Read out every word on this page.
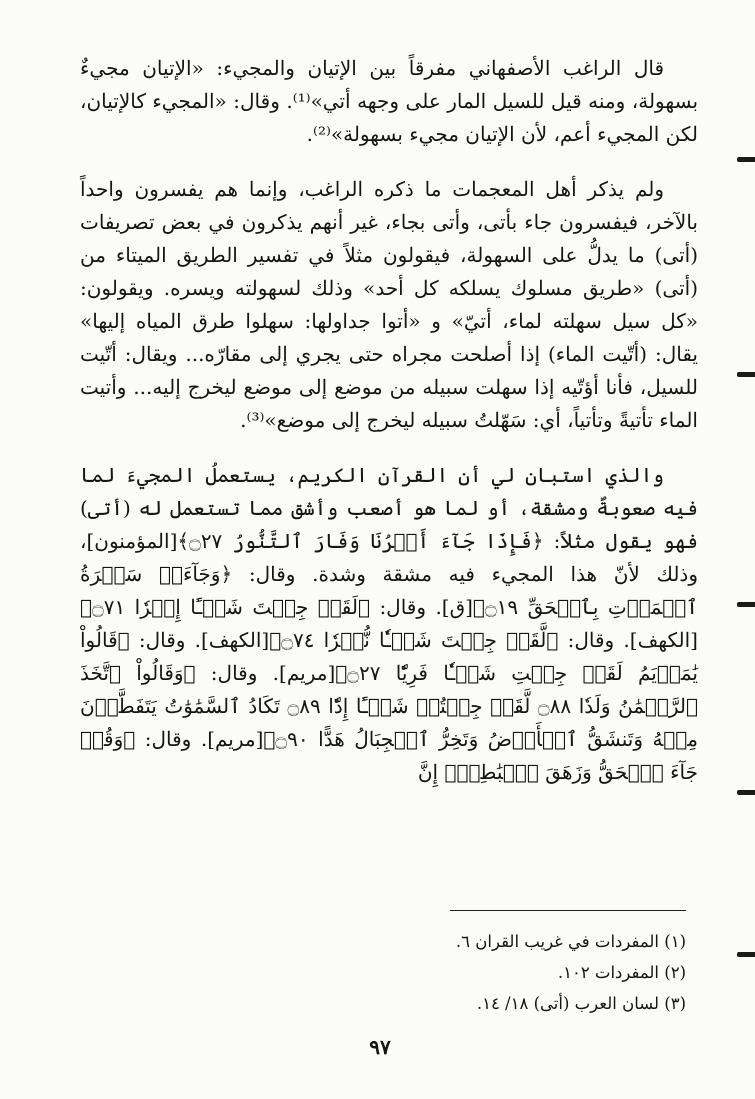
قال الراغب الأصفهاني مفرقاً بين الإتيان والمجيء: «الإتيان مجيءٌ بسهولة، ومنه قيل للسيل المار على وجهه أتي»⁽¹⁾. وقال: «المجيء كالإتيان، لكن المجيء أعم، لأن الإتيان مجيء بسهولة»⁽²⁾.

ولم يذكر أهل المعجمات ما ذكره الراغب، وإنما هم يفسرون واحداً بالآخر، فيفسرون جاء بأتى، وأتى بجاء، غير أنهم يذكرون في بعض تصريفات (أتى) ما يدلُّ على السهولة، فيقولون مثلاً في تفسير الطريق الميتاء من (أتى) «طريق مسلوك يسلكه كل أحد» وذلك لسهولته ويسره. ويقولون: «كل سيل سهلته لماء، أتيّ» و «أتوا جداولها: سهلوا طرق المياه إليها» يقال: (أتّيت الماء) إذا أصلحت مجراه حتى يجري إلى مقارّه... ويقال: أتّيت للسيل، فأنا أؤتّيه إذا سهلت سبيله من موضع إلى موضع ليخرج إليه... وأتيت الماء تأتيةً وتأتياً، أي: سَهّلتُ سبيله ليخرج إلى موضع»⁽³⁾.

والذي استبان لي أن القرآن الكريم، يستعملُ المجيءَ لما فيه صعوبةٌ ومشقة، أو لما هو أصعب وأشق مما تستعمل له (أتى) فهو يقول مثلاً: ﴿فَإِذَا جَآءَ أَمۡرُنَا وَفَارَ ٱلتَّنُّورُ ۝٢٧﴾[المؤمنون]، وذلك لأنّ هذا المجيء فيه مشقة وشدة. وقال: ﴿وَجَآءَتۡ سَكۡرَةُ ٱلۡمَوۡتِ بِٱلۡحَقِّ ۝١٩﴾[ق]. وقال: ﴿لَقَدۡ جِئۡتَ شَيۡـًٔا إِمۡرٗا ۝٧١﴾[الكهف]. وقال: ﴿لَّقَدۡ جِئۡتَ شَيۡـٔٗا نُّكۡرٗا ۝٧٤﴾[الكهف]. وقال: ﴿قَالُواْ يَٰمَرۡيَمُ لَقَدۡ جِئۡتِ شَيۡـٔٗا فَرِيّٗا ۝٢٧﴾[مريم]. وقال: ﴿وَقَالُواْ ٱتَّخَذَ ٱلرَّحۡمَٰنُ وَلَدٗا ۝٨٨ لَّقَدۡ جِئۡتُمۡ شَيۡـًٔا إِدّٗا ۝٨٩ تَكَادُ ٱلسَّمَٰوَٰتُ يَتَفَطَّرۡنَ مِنۡهُ وَتَنشَقُّ ٱلۡأَرۡضُ وَتَخِرُّ ٱلۡجِبَالُ هَدًّا ۝٩٠﴾[مريم]. وقال: ﴿وَقُلۡ جَآءَ ٱلۡحَقُّ وَزَهَقَ ٱلۡبَٰطِلُۚ إِنَّ

(١) المفردات في غريب القران ٦.
(٢) المفردات ١٠٢.
(٣) لسان العرب (أتى) ١٨/ ١٤.
٩٧
